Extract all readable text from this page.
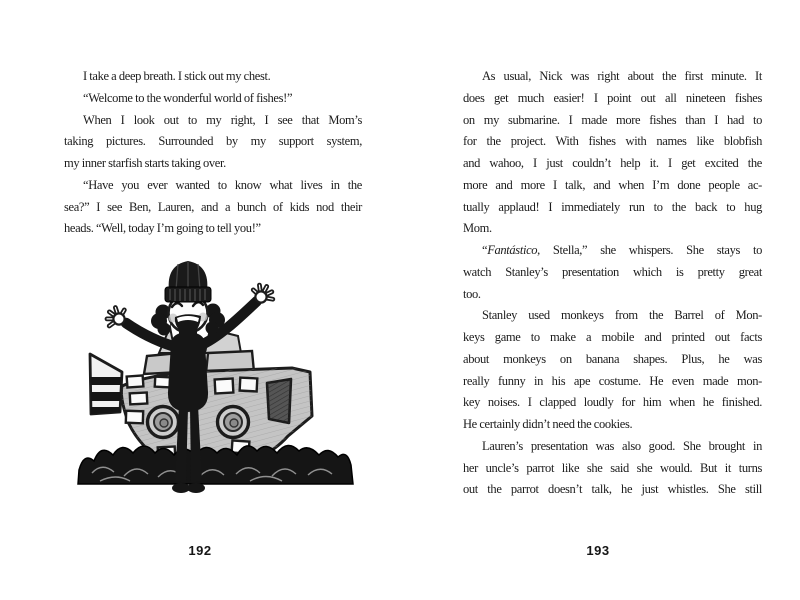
I take a deep breath. I stick out my chest.
“Welcome to the wonderful world of fishes!”
When I look out to my right, I see that Mom’s
taking pictures. Surrounded by my support system,
my inner starfish starts taking over.
“Have you ever wanted to know what lives in the
sea?” I see Ben, Lauren, and a bunch of kids nod their
heads. “Well, today I’m going to tell you!”
192
As usual, Nick was right about the first minute. It
does get much easier! I point out all nineteen fishes
on my submarine. I made more fishes than I had to
for the project. With fishes with names like blobfish
and wahoo, I just couldn’t help it. I get excited the
more and more I talk, and when I’m done people ac-
tually applaud! I immediately run to the back to hug
Mom.
“Fantástico, Stella,” she whispers. She stays to
watch Stanley’s presentation which is pretty great
too.
Stanley used monkeys from the Barrel of Mon-
keys game to make a mobile and printed out facts
about monkeys on banana shapes. Plus, he was
really funny in his ape costume. He even made mon-
key noises. I clapped loudly for him when he finished.
He certainly didn’t need the cookies.
Lauren’s presentation was also good. She brought in
her uncle’s parrot like she said she would. But it turns
out the parrot doesn’t talk, he just whistles. She still
193
